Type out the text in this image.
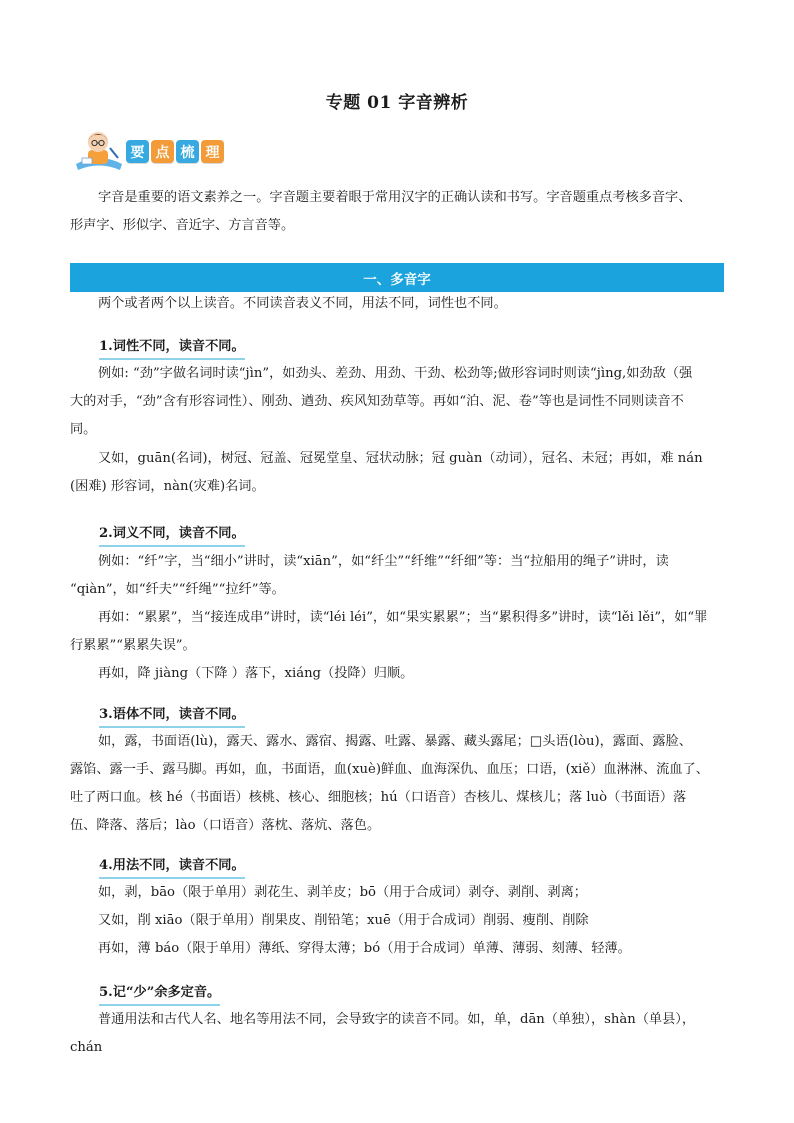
专题 01 字音辨析
要 点 梳 理
字音是重要的语文素养之一。字音题主要着眼于常用汉字的正确认读和书写。字音题重点考核多音字、
形声字、形似字、音近字、方言音等。
一、多音字
两个或者两个以上读音。不同读音表义不同，用法不同，词性也不同。
1.词性不同，读音不同。
例如: “劲”字做名词时读“jìn”，如劲头、差劲、用劲、干劲、松劲等;做形容词时则读“jìng,如劲敌（强
大的对手，“劲”含有形容词性）、刚劲、遒劲、疾风知劲草等。再如“泊、泥、卷”等也是词性不同则读音不
同。
又如，guān(名词)，树冠、冠盖、冠冕堂皇、冠状动脉；冠 guàn（动词），冠名、未冠；再如，难 nán
(困难) 形容词，nàn(灾难)名词。
2.词义不同，读音不同。
例如：“纤”字，当“细小”讲时，读“xiān”，如“纤尘”“纤维”“纤细”等：当“拉船用的绳子”讲时，读
“qiàn”，如“纤夫”“纤绳”“拉纤”等。
再如：“累累”，当“接连成串”讲时，读“léi léi”，如“果实累累”；当“累积得多”讲时，读“lěi lěi”，如“罪
行累累”“累累失误”。
再如，降 jiàng（下降 ）落下，xiáng（投降）归顺。
3.语体不同，读音不同。
如，露，书面语(lù)，露天、露水、露宿、揭露、吐露、暴露、藏头露尾；□头语(lòu)，露面、露脸、
露馅、露一手、露马脚。再如，血，书面语，血(xuè)鲜血、血海深仇、血压；口语，(xiě）血淋淋、流血了、
吐了两口血。核 hé（书面语）核桃、核心、细胞核；hú（口语音）杏核儿、煤核儿；落 luò（书面语）落
伍、降落、落后；lào（口语音）落枕、落炕、落色。
4.用法不同，读音不同。
如，剥，bāo（限于单用）剥花生、剥羊皮；bō（用于合成词）剥夺、剥削、剥离；
又如，削 xiāo（限于单用）削果皮、削铅笔；xuē（用于合成词）削弱、瘦削、削除
再如，薄 báo（限于单用）薄纸、穿得太薄；bó（用于合成词）单薄、薄弱、刻薄、轻薄。
5.记“少”余多定音。
普通用法和古代人名、地名等用法不同，会导致字的读音不同。如，单，dān（单独），shàn（单县），chán
